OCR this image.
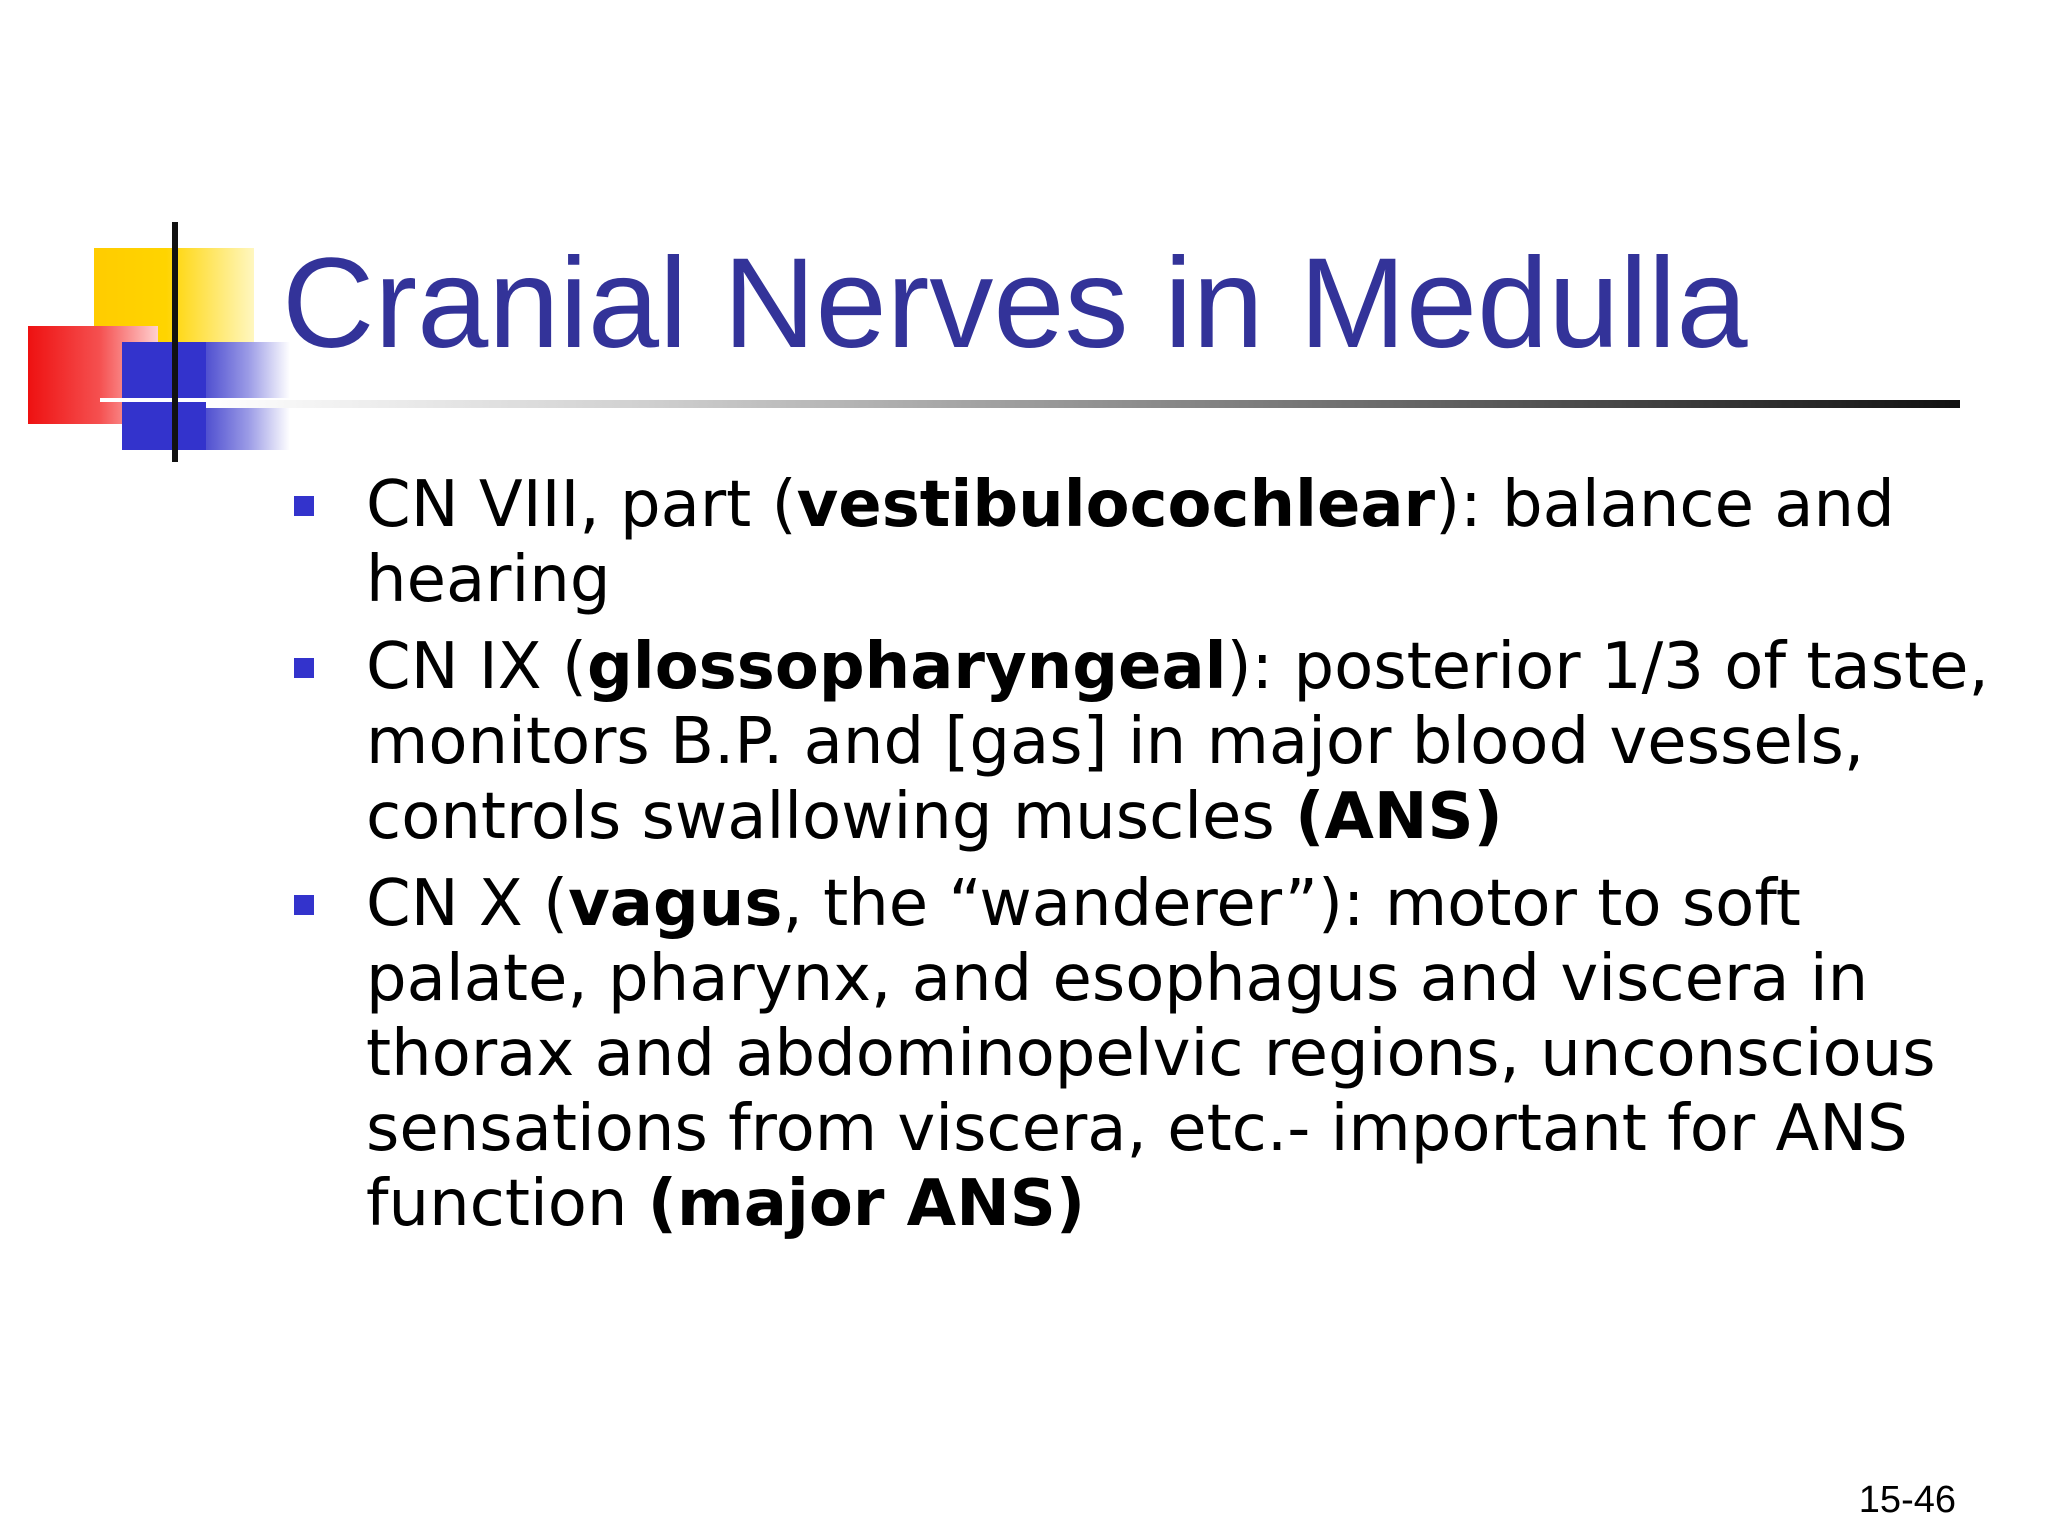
Cranial Nerves in Medulla
CN VIII, part (vestibulocochlear): balance and hearing
CN IX (glossopharyngeal): posterior 1/3 of taste, monitors B.P. and [gas] in major blood vessels, controls swallowing muscles (ANS)
CN X (vagus, the “wanderer”): motor to soft palate, pharynx, and esophagus and viscera in thorax and abdominopelvic regions, unconscious sensations from viscera, etc.- important for ANS function (major ANS)
15-46
